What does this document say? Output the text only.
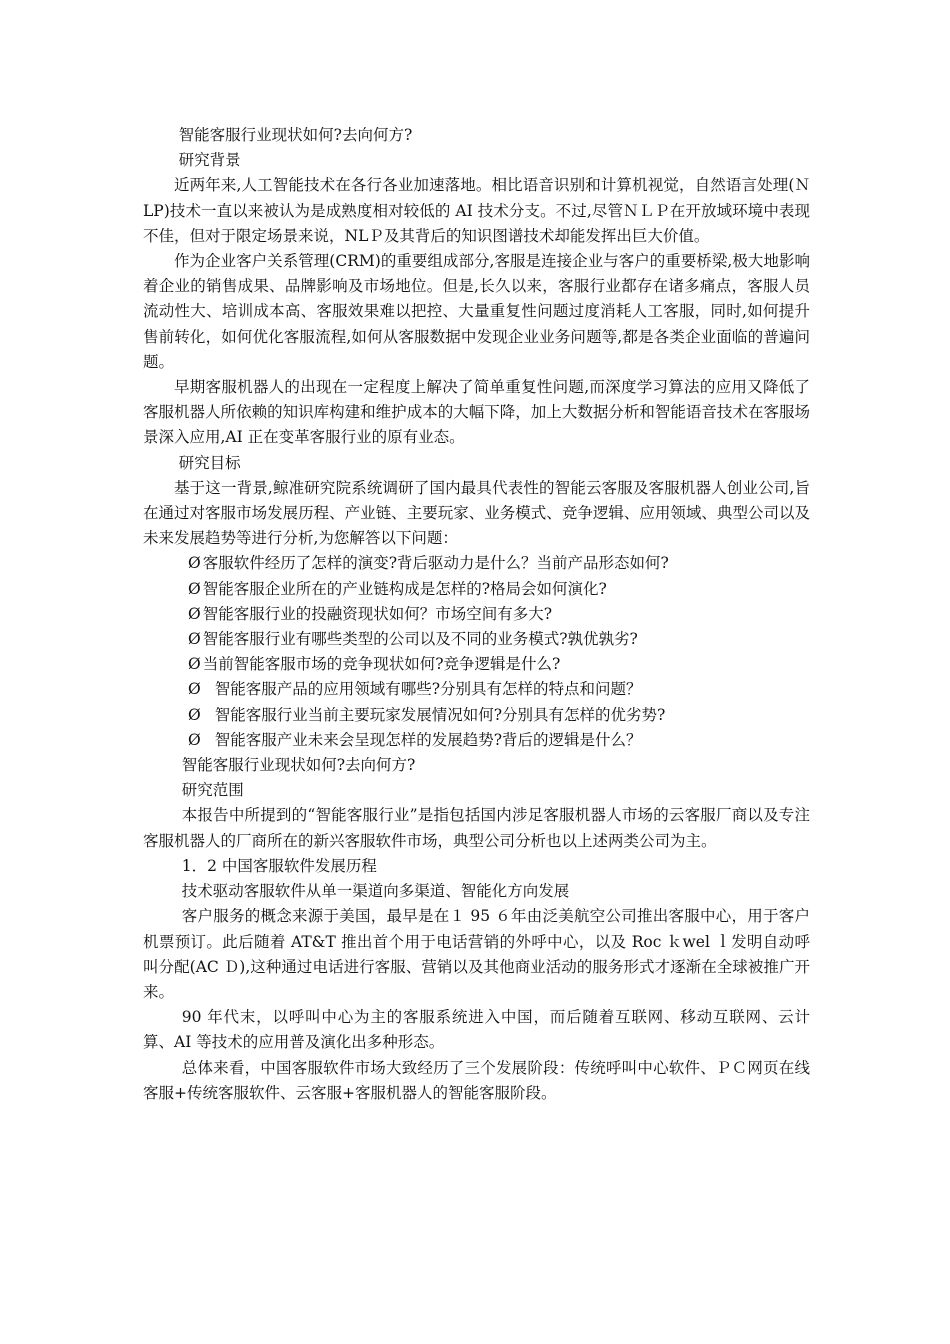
智能客服行业现状如何?去向何方?

研究背景

近两年来,人工智能技术在各行各业加速落地。相比语音识别和计算机视觉，自然语言处理(ＮLP)技术一直以来被认为是成熟度相对较低的 AI 技术分支。不过,尽管ＮＬＰ在开放域环境中表现不佳，但对于限定场景来说，NLＰ及其背后的知识图谱技术却能发挥出巨大价值。

作为企业客户关系管理(CRM)的重要组成部分,客服是连接企业与客户的重要桥梁,极大地影响着企业的销售成果、品牌影响及市场地位。但是,长久以来，客服行业都存在诸多痛点，客服人员流动性大、培训成本高、客服效果难以把控、大量重复性问题过度消耗人工客服，同时,如何提升售前转化，如何优化客服流程,如何从客服数据中发现企业业务问题等,都是各类企业面临的普遍问题。

早期客服机器人的出现在一定程度上解决了简单重复性问题,而深度学习算法的应用又降低了客服机器人所依赖的知识库构建和维护成本的大幅下降，加上大数据分析和智能语音技术在客服场景深入应用,AI 正在变革客服行业的原有业态。

研究目标

基于这一背景,鲸准研究院系统调研了国内最具代表性的智能云客服及客服机器人创业公司,旨在通过对客服市场发展历程、产业链、主要玩家、业务模式、竞争逻辑、应用领域、典型公司以及未来发展趋势等进行分析,为您解答以下问题：

Ø 客服软件经历了怎样的演变?背后驱动力是什么？当前产品形态如何?
Ø 智能客服企业所在的产业链构成是怎样的?格局会如何演化?
Ø 智能客服行业的投融资现状如何？市场空间有多大?
Ø 智能客服行业有哪些类型的公司以及不同的业务模式?孰优孰劣?
Ø 当前智能客服市场的竞争现状如何?竞争逻辑是什么?
Ø 智能客服产品的应用领域有哪些?分别具有怎样的特点和问题？
Ø 智能客服行业当前主要玩家发展情况如何?分别具有怎样的优劣势?
Ø 智能客服产业未来会呈现怎样的发展趋势?背后的逻辑是什么？

智能客服行业现状如何?去向何方?

研究范围

本报告中所提到的“智能客服行业”是指包括国内涉足客服机器人市场的云客服厂商以及专注客服机器人的厂商所在的新兴客服软件市场，典型公司分析也以上述两类公司为主。

1．2 中国客服软件发展历程

技术驱动客服软件从单一渠道向多渠道、智能化方向发展

客户服务的概念来源于美国，最早是在１ 95 ６年由泛美航空公司推出客服中心，用于客户机票预订。此后随着 AT&T 推出首个用于电话营销的外呼中心，以及 Roc ｋwel ｌ发明自动呼叫分配(AC Ｄ),这种通过电话进行客服、营销以及其他商业活动的服务形式才逐渐在全球被推广开来。

90 年代末，以呼叫中心为主的客服系统进入中国，而后随着互联网、移动互联网、云计算、AI 等技术的应用普及演化出多种形态。

总体来看，中国客服软件市场大致经历了三个发展阶段：传统呼叫中心软件、ＰＣ网页在线客服+传统客服软件、云客服+客服机器人的智能客服阶段。
